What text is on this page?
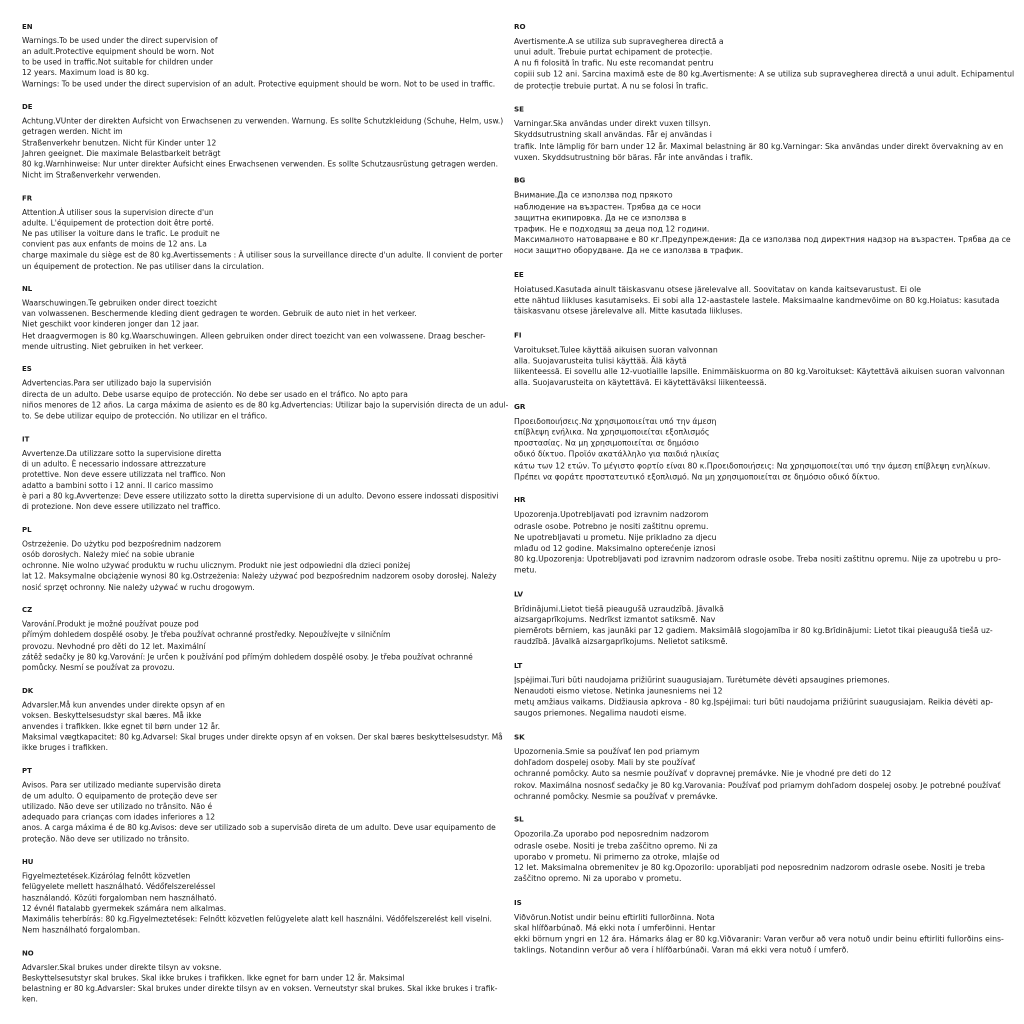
EN
Warnings.To be used under the direct supervision of
an adult.Protective equipment should be worn. Not
to be used in traffic.Not suitable for children under
12 years. Maximum load is 80 kg.
Warnings: To be used under the direct supervision of an adult. Protective equipment should be worn. Not to be used in traffic.
DE
Achtung.VUnter der direkten Aufsicht von Erwachsenen zu verwenden. Warnung. Es sollte Schutzkleidung (Schuhe, Helm, usw.)
getragen werden. Nicht im
Straßenverkehr benutzen. Nicht für Kinder unter 12
Jahren geeignet. Die maximale Belastbarkeit beträgt
80 kg.Warnhinweise: Nur unter direkter Aufsicht eines Erwachsenen verwenden. Es sollte Schutzausrüstung getragen werden.
Nicht im Straßenverkehr verwenden.
FR
Attention.À utiliser sous la supervision directe d'un
adulte. L'équipement de protection doit être porté.
Ne pas utiliser la voiture dans le trafic. Le produit ne
convient pas aux enfants de moins de 12 ans. La
charge maximale du siège est de 80 kg.Avertissements : À utiliser sous la surveillance directe d'un adulte. Il convient de porter
un équipement de protection. Ne pas utiliser dans la circulation.
NL
Waarschuwingen.Te gebruiken onder direct toezicht
van volwassenen. Beschermende kleding dient gedragen te worden. Gebruik de auto niet in het verkeer.
Niet geschikt voor kinderen jonger dan 12 jaar.
Het draagvermogen is 80 kg.Waarschuwingen. Alleen gebruiken onder direct toezicht van een volwassene. Draag bescher-
mende uitrusting. Niet gebruiken in het verkeer.
ES
Advertencias.Para ser utilizado bajo la supervisión
directa de un adulto. Debe usarse equipo de protección. No debe ser usado en el tráfico. No apto para
niños menores de 12 años. La carga máxima de asiento es de 80 kg.Advertencias: Utilizar bajo la supervisión directa de un adul-
to. Se debe utilizar equipo de protección. No utilizar en el tráfico.
IT
Avvertenze.Da utilizzare sotto la supervisione diretta
di un adulto. È necessario indossare attrezzature
protettive. Non deve essere utilizzata nel traffico. Non
adatto a bambini sotto i 12 anni. Il carico massimo
è pari a 80 kg.Avvertenze: Deve essere utilizzato sotto la diretta supervisione di un adulto. Devono essere indossati dispositivi
di protezione. Non deve essere utilizzato nel traffico.
PL
Ostrzeżenie. Do użytku pod bezpośrednim nadzorem
osób dorosłych. Należy mieć na sobie ubranie
ochronne. Nie wolno używać produktu w ruchu ulicznym. Produkt nie jest odpowiedni dla dzieci poniżej
lat 12. Maksymalne obciążenie wynosi 80 kg.Ostrzeżenia: Należy używać pod bezpośrednim nadzorem osoby dorosłej. Należy
nosić sprzęt ochronny. Nie należy używać w ruchu drogowym.
CZ
Varování.Produkt je možné používat pouze pod
přímým dohledem dospělé osoby. Je třeba používat ochranné prostředky. Nepoužívejte v silničním
provozu. Nevhodné pro děti do 12 let. Maximální
zátěž sedačky je 80 kg.Varování: Je určen k používání pod přímým dohledem dospělé osoby. Je třeba používat ochranné
pomůcky. Nesmí se používat za provozu.
DK
Advarsler.Må kun anvendes under direkte opsyn af en
voksen. Beskyttelsesudstyr skal bæres. Må ikke
anvendes i trafikken. Ikke egnet til børn under 12 år.
Maksimal vægtkapacitet: 80 kg.Advarsel: Skal bruges under direkte opsyn af en voksen. Der skal bæres beskyttelsesudstyr. Må
ikke bruges i trafikken.
PT
Avisos. Para ser utilizado mediante supervisão direta
de um adulto. O equipamento de proteção deve ser
utilizado. Não deve ser utilizado no trânsito. Não é
adequado para crianças com idades inferiores a 12
anos. A carga máxima é de 80 kg.Avisos: deve ser utilizado sob a supervisão direta de um adulto. Deve usar equipamento de
proteção. Não deve ser utilizado no trânsito.
HU
Figyelmeztetések.Kizárólag felnőtt közvetlen
felügyelete mellett használható. Védőfelszereléssel
használandó. Közúti forgalomban nem használható.
12 évnél fiatalabb gyermekek számára nem alkalmas.
Maximális teherbírás: 80 kg.Figyelmeztetések: Felnőtt közvetlen felügyelete alatt kell használni. Védőfelszerelést kell viselni.
Nem használható forgalomban.
NO
Advarsler.Skal brukes under direkte tilsyn av voksne.
Beskyttelsesutstyr skal brukes. Skal ikke brukes i trafikken. Ikke egnet for barn under 12 år. Maksimal
belastning er 80 kg.Advarsler: Skal brukes under direkte tilsyn av en voksen. Verneutstyr skal brukes. Skal ikke brukes i trafik-
ken.
RO
Avertismente.A se utiliza sub supravegherea directă a
unui adult. Trebuie purtat echipament de protecție.
A nu fi folosită în trafic. Nu este recomandat pentru
copiii sub 12 ani. Sarcina maximă este de 80 kg.Avertismente: A se utiliza sub supravegherea directă a unui adult. Echipamentul
de protecție trebuie purtat. A nu se folosi în trafic.
SE
Varningar.Ska användas under direkt vuxen tillsyn.
Skyddsutrustning skall användas. Får ej användas i
trafik. Inte lämplig för barn under 12 år. Maximal belastning är 80 kg.Varningar: Ska användas under direkt övervakning av en
vuxen. Skyddsutrustning bör bäras. Får inte användas i trafik.
BG
Внимание.Да се използва под прякото
наблюдение на възрастен. Трябва да се носи
защитна екипировка. Да не се използва в
трафик. Не е подходящ за деца под 12 години.
Максималното натоварване е 80 кг.Предупреждения: Да се използва под директния надзор на възрастен. Трябва да се
носи защитно оборудване. Да не се използва в трафик.
EE
Hoiatused.Kasutada ainult täiskasvanu otsese järelevalve all. Soovitatav on kanda kaitsevarustust. Ei ole
ette nähtud liikluses kasutamiseks. Ei sobi alla 12-aastastele lastele. Maksimaalne kandmevõime on 80 kg.Hoiatus: kasutada
täiskasvanu otsese järelevalve all. Mitte kasutada liikluses.
FI
Varoitukset.Tulee käyttää aikuisen suoran valvonnan
alla. Suojavarusteita tulisi käyttää. Älä käytä
liikenteessä. Ei sovellu alle 12-vuotiaille lapsille. Enimmäiskuorma on 80 kg.Varoitukset: Käytettävä aikuisen suoran valvonnan
alla. Suojavarusteita on käytettävä. Ei käytettäväksi liikenteessä.
GR
Προειδοποιήσεις.Να χρησιμοποιείται υπό την άμεση
επίβλεψη ενήλικα. Να χρησιμοποιείται εξοπλισμός
προστασίας. Να μη χρησιμοποιείται σε δημόσιο
οδικό δίκτυο. Προϊόν ακατάλληλο για παιδιά ηλικίας
κάτω των 12 ετών. Το μέγιστο φορτίο είναι 80 κ.Προειδοποιήσεις: Να χρησιμοποιείται υπό την άμεση επίβλεψη ενηλίκων.
Πρέπει να φοράτε προστατευτικό εξοπλισμό. Να μη χρησιμοποιείται σε δημόσιο οδικό δίκτυο.
HR
Upozorenja.Upotrebljavati pod izravnim nadzorom
odrasle osobe. Potrebno je nositi zaštitnu opremu.
Ne upotrebljavati u prometu. Nije prikladno za djecu
mlađu od 12 godine. Maksimalno opterećenje iznosi
80 kg.Upozorenja: Upotrebljavati pod izravnim nadzorom odrasle osobe. Treba nositi zaštitnu opremu. Nije za upotrebu u pro-
metu.
LV
Brīdinājumi.Lietot tiešā pieaugušā uzraudzībā. Jāvalkā
aizsargaprīkojums. Nedrīkst izmantot satiksmē. Nav
piemērots bērniem, kas jaunāki par 12 gadiem. Maksimālā slogojamība ir 80 kg.Brīdinājumi: Lietot tikai pieaugušā tiešā uz-
raudzībā. Jāvalkā aizsargaprīkojums. Nelietot satiksmē.
LT
Įspėjimai.Turi būti naudojama prižiūrint suaugusiajam. Turėtumėte dėvėti apsaugines priemones.
Nenaudoti eismo vietose. Netinka jaunesniems nei 12
metų amžiaus vaikams. Didžiausia apkrova - 80 kg.Įspėjimai: turi būti naudojama prižiūrint suaugusiajam. Reikia dėvėti ap-
saugos priemones. Negalima naudoti eisme.
SK
Upozornenia.Smie sa používať len pod priamym
dohľadom dospelej osoby. Mali by ste používať
ochranné pomôcky. Auto sa nesmie používať v dopravnej premávke. Nie je vhodné pre deti do 12
rokov. Maximálna nosnosť sedačky je 80 kg.Varovania: Používať pod priamym dohľadom dospelej osoby. Je potrebné používať
ochranné pomôcky. Nesmie sa používať v premávke.
SL
Opozorila.Za uporabo pod neposrednim nadzorom
odrasle osebe. Nositi je treba zaščitno opremo. Ni za
uporabo v prometu. Ni primerno za otroke, mlajše od
12 let. Maksimalna obremenitev je 80 kg.Opozorilo: uporabljati pod neposrednim nadzorom odrasle osebe. Nositi je treba
zaščitno opremo. Ni za uporabo v prometu.
IS
Viðvörun.Notist undir beinu eftirliti fullorðinna. Nota
skal hlífðarbúnað. Má ekki nota í umferðinni. Hentar
ekki börnum yngri en 12 ára. Hámarks álag er 80 kg.Viðvaranir: Varan verður að vera notuð undir beinu eftirliti fullorðins eins-
taklings. Notandinn verður að vera í hlífðarbúnaði. Varan má ekki vera notuð í umferð.
